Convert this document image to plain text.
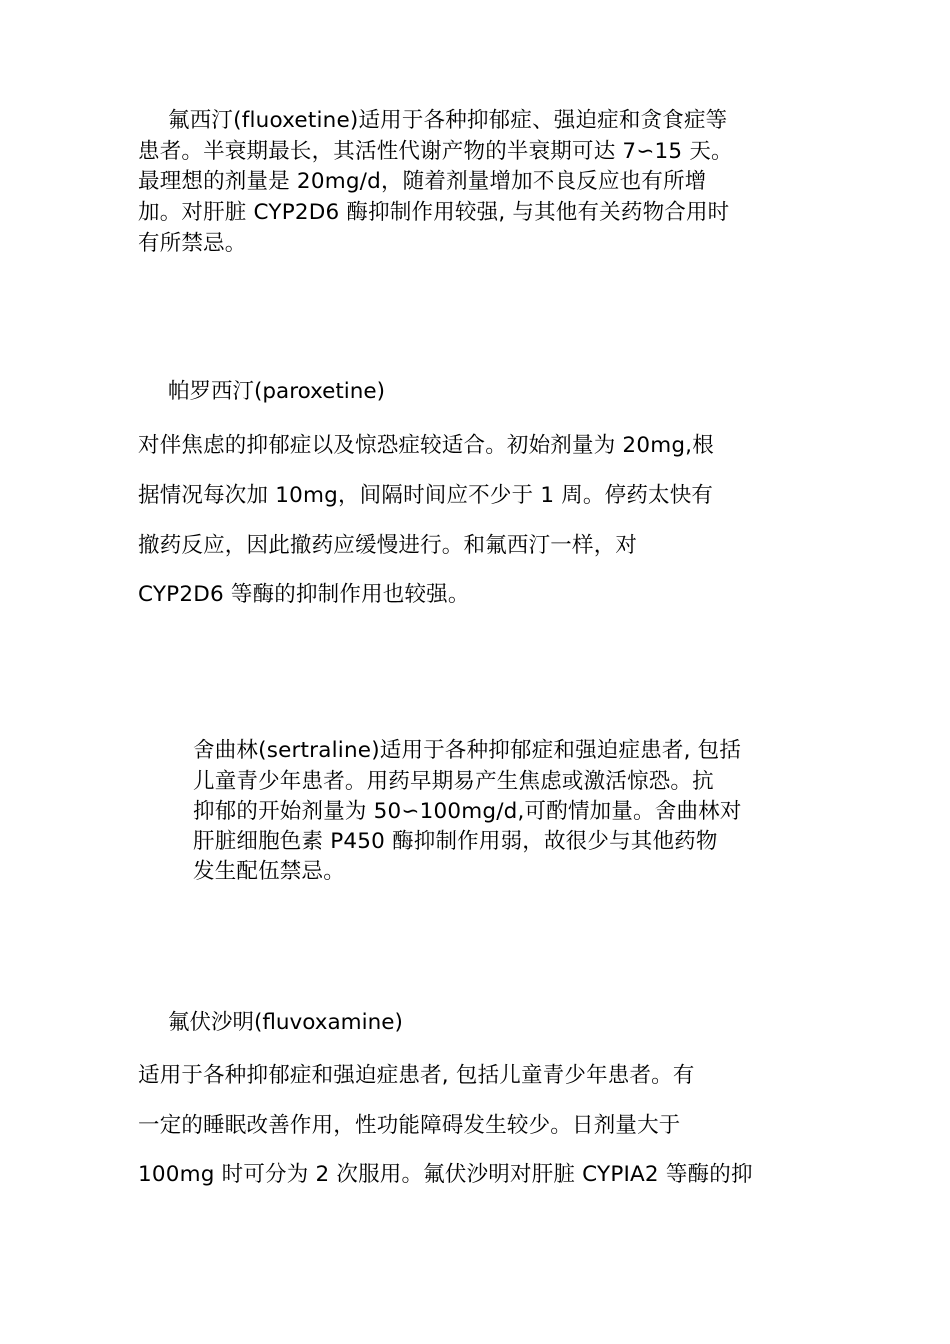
氟西汀(fluoxetine)适用于各种抑郁症、强迫症和贪食症等
患者。半衰期最长，其活性代谢产物的半衰期可达 7∽15 天。
最理想的剂量是 20mg/d，随着剂量增加不良反应也有所增
加。对肝脏 CYP2D6 酶抑制作用较强, 与其他有关药物合用时
有所禁忌。
帕罗西汀(paroxetine)
对伴焦虑的抑郁症以及惊恐症较适合。初始剂量为 20mg,根
据情况每次加 10mg，间隔时间应不少于 1 周。停药太快有
撤药反应，因此撤药应缓慢进行。和氟西汀一样，对
CYP2D6 等酶的抑制作用也较强。
舍曲林(sertraline)适用于各种抑郁症和强迫症患者, 包括
儿童青少年患者。用药早期易产生焦虑或激活惊恐。抗
抑郁的开始剂量为 50∽100mg/d,可酌情加量。舍曲林对
肝脏细胞色素 P450 酶抑制作用弱，故很少与其他药物
发生配伍禁忌。
氟伏沙明(fluvoxamine)
适用于各种抑郁症和强迫症患者, 包括儿童青少年患者。有
一定的睡眠改善作用，性功能障碍发生较少。日剂量大于
100mg 时可分为 2 次服用。氟伏沙明对肝脏 CYPIA2 等酶的抑
